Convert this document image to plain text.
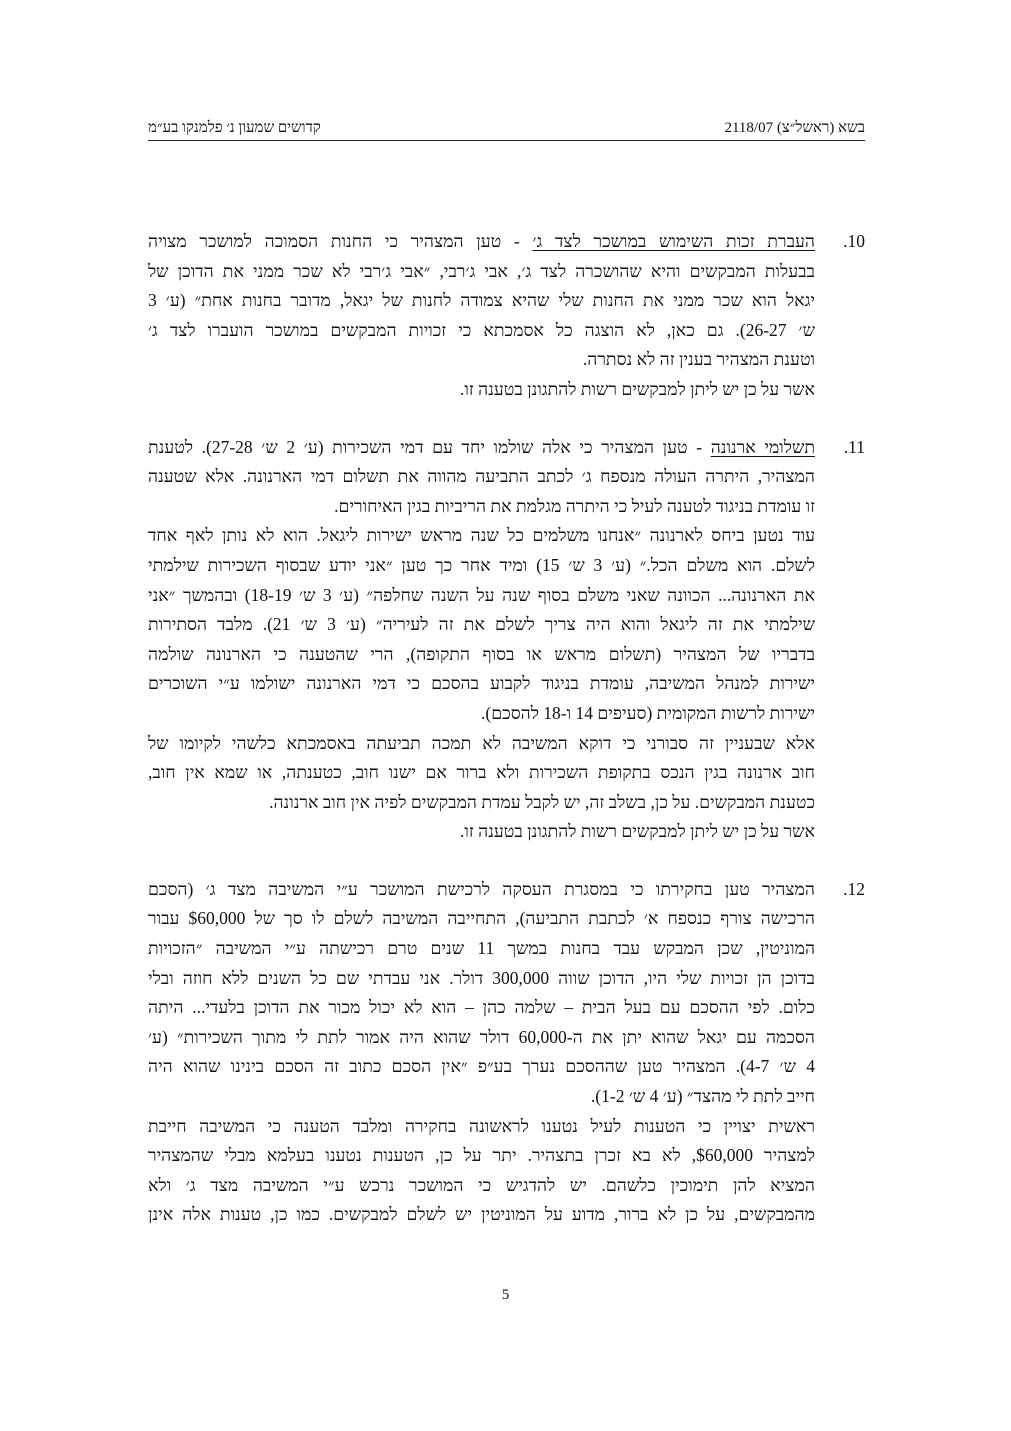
בשא (ראשל״צ) 2118/07
קדושים שמעון נ׳ פלמנקו בע״מ
10.
העברת זכות השימוש במושכר לצד ג׳ - טען המצהיר כי החנות הסמוכה למושכר מצויה
בבעלות המבקשים והיא שהושכרה לצד ג׳, אבי ג׳רבי, ״אבי ג׳רבי לא שכר ממני את הדוכן של
יגאל הוא שכר ממני את החנות שלי שהיא צמודה לחנות של יגאל, מדובר בחנות אחת״ (ע׳ 3
ש׳ 26-27). גם כאן, לא הוצגה כל אסמכתא כי זכויות המבקשים במושכר הועברו לצד ג׳
וטענת המצהיר בענין זה לא נסתרה.
אשר על כן יש ליתן למבקשים רשות להתגונן בטענה זו.
11.
תשלומי ארנונה - טען המצהיר כי אלה שולמו יחד עם דמי השכירות (ע׳ 2 ש׳ 27-28). לטענת
המצהיר, היתרה העולה מנספח ג׳ לכתב התביעה מהווה את תשלום דמי הארנונה. אלא שטענה
זו עומדת בניגוד לטענה לעיל כי היתרה מגלמת את הריביות בגין האיחורים.
עוד נטען ביחס לארנונה ״אנחנו משלמים כל שנה מראש ישירות ליגאל. הוא לא נותן לאף אחד
לשלם. הוא משלם הכל.״ (ע׳ 3 ש׳ 15) ומיד אחר כך טען ״אני יודע שבסוף השכירות שילמתי
את הארנונה... הכוונה שאני משלם בסוף שנה על השנה שחלפה״ (ע׳ 3 ש׳ 18-19) ובהמשך ״אני
שילמתי את זה ליגאל והוא היה צריך לשלם את זה לעיריה״ (ע׳ 3 ש׳ 21). מלבד הסתירות
בדבריו של המצהיר (תשלום מראש או בסוף התקופה), הרי שהטענה כי הארנונה שולמה
ישירות למנהל המשיבה, עומדת בניגוד לקבוע בהסכם כי דמי הארנונה ישולמו ע״י השוכרים
ישירות לרשות המקומית (סעיפים 14 ו-18 להסכם).
אלא שבעניין זה סבורני כי דוקא המשיבה לא תמכה תביעתה באסמכתא כלשהי לקיומו של
חוב ארנונה בגין הנכס בתקופת השכירות ולא ברור אם ישנו חוב, כטענתה, או שמא אין חוב,
כטענת המבקשים. על כן, בשלב זה, יש לקבל עמדת המבקשים לפיה אין חוב ארנונה.
אשר על כן יש ליתן למבקשים רשות להתגונן בטענה זו.
12.
המצהיר טען בחקירתו כי במסגרת העסקה לרכישת המושכר ע״י המשיבה מצד ג׳ (הסכם
הרכישה צורף כנספח א׳ לכתבת התביעה), התחייבה המשיבה לשלם לו סך של $60,000 עבור
המוניטין, שכן המבקש עבד בחנות במשך 11 שנים טרם רכישתה ע״י המשיבה ״הזכויות
בדוכן הן זכויות שלי היו, הדוכן שווה 300,000 דולר. אני עבדתי שם כל השנים ללא חוזה ובלי
כלום. לפי ההסכם עם בעל הבית – שלמה כהן – הוא לא יכול מכור את הדוכן בלעדי... היתה
הסכמה עם יגאל שהוא יתן את ה-60,000 דולר שהוא היה אמור לתת לי מתוך השכירות״ (ע׳
4 ש׳ 4-7). המצהיר טען שההסכם נערך בע״פ ״אין הסכם כתוב זה הסכם בינינו שהוא היה
חייב לתת לי מהצד״ (ע׳ 4 ש׳ 1-2).
ראשית יצויין כי הטענות לעיל נטענו לראשונה בחקירה ומלבד הטענה כי המשיבה חייבת
למצהיר $60,000, לא בא זכרן בתצהיר. יתר על כן, הטענות נטענו בעלמא מבלי שהמצהיר
המציא להן תימוכין כלשהם. יש להדגיש כי המושכר נרכש ע״י המשיבה מצד ג׳ ולא
מהמבקשים, על כן לא ברור, מדוע על המוניטין יש לשלם למבקשים. כמו כן, טענות אלה אינן
5
